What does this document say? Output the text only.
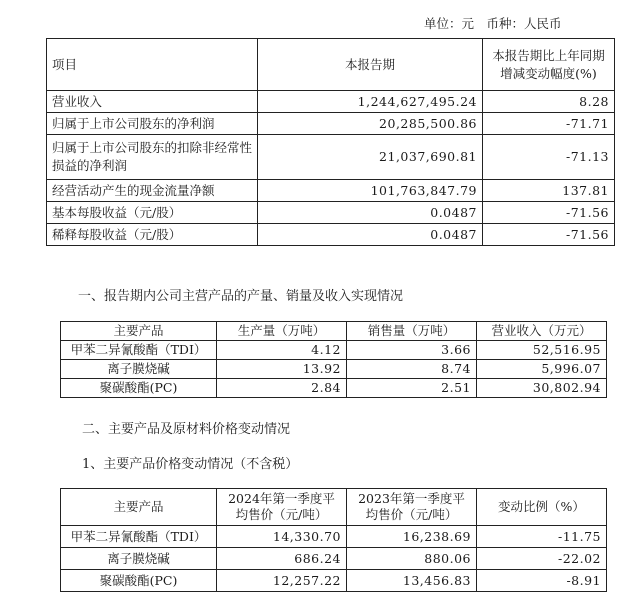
单位：元　币种：人民币
项目	本报告期	本报告期比上年同期增减变动幅度(%)
营业收入	1,244,627,495.24	8.28
归属于上市公司股东的净利润	20,285,500.86	-71.71
归属于上市公司股东的扣除非经常性损益的净利润	21,037,690.81	-71.13
经营活动产生的现金流量净额	101,763,847.79	137.81
基本每股收益（元/股）	0.0487	-71.56
稀释每股收益（元/股）	0.0487	-71.56
一、报告期内公司主营产品的产量、销量及收入实现情况
主要产品	生产量（万吨）	销售量（万吨）	营业收入（万元）
甲苯二异氰酸酯（TDI）	4.12	3.66	52,516.95
离子膜烧碱	13.92	8.74	5,996.07
聚碳酸酯(PC)	2.84	2.51	30,802.94
二、主要产品及原材料价格变动情况
1、主要产品价格变动情况（不含税）
主要产品	2024年第一季度平均售价（元/吨）	2023年第一季度平均售价（元/吨）	变动比例（%）
甲苯二异氰酸酯（TDI）	14,330.70	16,238.69	-11.75
离子膜烧碱	686.24	880.06	-22.02
聚碳酸酯(PC)	12,257.22	13,456.83	-8.91
